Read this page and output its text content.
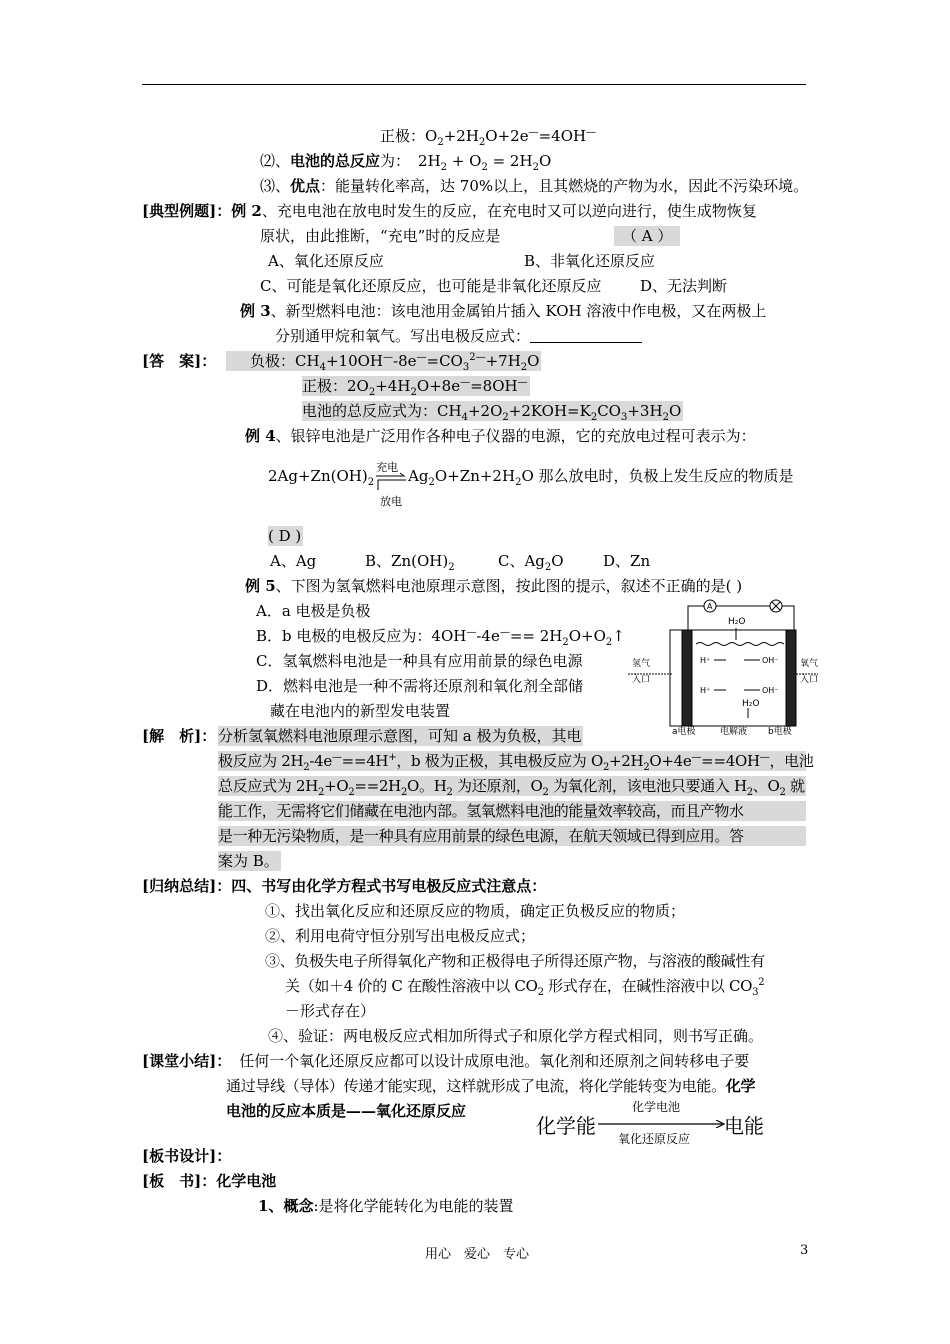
正极：$O_2+2H_2O+2e^—=4OH^—$
⑵、电池的总反应为： $2H_2 + O_2 = 2H_2O$
⑶、优点：能量转化率高，达 70%以上，且其燃烧的产物为水，因此不污染环境。
[典型例题]：例 2、充电电池在放电时发生的反应，在充电时又可以逆向进行，使生成物恢复
原状，由此推断，“充电”时的反应是	（ A ）
A、氧化还原反应	B、非氧化还原反应
C、可能是氧化还原反应，也可能是非氧化还原反应	D、无法判断
例 3、新型燃料电池：该电池用金属铂片插入 KOH 溶液中作电极，又在两极上
分别通甲烷和氧气。写出电极反应式：
[答　案]：	负极：$CH_4+10OH^—-8e^—=CO_3^{2—}+7H_2O$
正极：$2O_2+4H_2O+8e^—=8OH^—$
电池的总反应式为：$CH_4+2O_2+2KOH=K_2CO_3+3H_2O$
例 4、银锌电池是广泛用作各种电子仪器的电源，它的充放电过程可表示为：
$2Ag+Zn(OH)_2$
充电
放电
$Ag_2O+Zn+2H_2O$ 那么放电时，负极上发生反应的物质是
( D )
A、Ag	B、$Zn(OH)_2$	C、$Ag_2O$	D、Zn
例 5、下图为氢氧燃料电池原理示意图，按此图的提示，叙述不正确的是( )
A．a 电极是负极
B．b 电极的电极反应为：$4OH^—-4e^—== 2H_2O+O_2↑$
C．氢氧燃料电池是一种具有应用前景的绿色电源
D．燃料电池是一种不需将还原剂和氧化剂全部储
藏在电池内的新型发电装置
A
H₂O
H⁺	OH⁻
H⁺	OH⁻
氢气
入口
氧气
入口
H₂O
a电极	电解液 b电极
[解　析]： 分析氢氧燃料电池原理示意图，可知 a 极为负极，其电
极反应为 $2H_2-4e^—==4H^+$，b 极为正极，其电极反应为 $O_2+2H_2O+4e^—==4OH^—$，电池
总反应式为 $2H_2+O_2==2H_2O$。$H_2$ 为还原剂，$O_2$ 为氧化剂，该电池只要通入 $H_2$、$O_2$ 就
能工作，无需将它们储藏在电池内部。氢氧燃料电池的能量效率较高，而且产物水
是一种无污染物质，是一种具有应用前景的绿色电源，在航天领域已得到应用。答
案为 B。
[归纳总结]：四、书写由化学方程式书写电极反应式注意点：
①、找出氧化反应和还原反应的物质，确定正负极反应的物质；
②、利用电荷守恒分别写出电极反应式；
③、负极失电子所得氧化产物和正极得电子所得还原产物，与溶液的酸碱性有
关（如＋4 价的 C 在酸性溶液中以 $CO_2$ 形式存在，在碱性溶液中以 $CO_3^2$
－形式存在）
④、验证：两电极反应式相加所得式子和原化学方程式相同，则书写正确。
[课堂小结]： 任何一个氧化还原反应都可以设计成原电池。氧化剂和还原剂之间转移电子要
通过导线（导体）传递才能实现，这样就形成了电流，将化学能转变为电能。化学
电池的反应本质是——氧化还原反应
化学能
化学电池
氧化还原反应
电能
[板书设计]：
[板　书]：化学电池
1、概念:是将化学能转化为电能的装置
用心　爱心　专心	3
